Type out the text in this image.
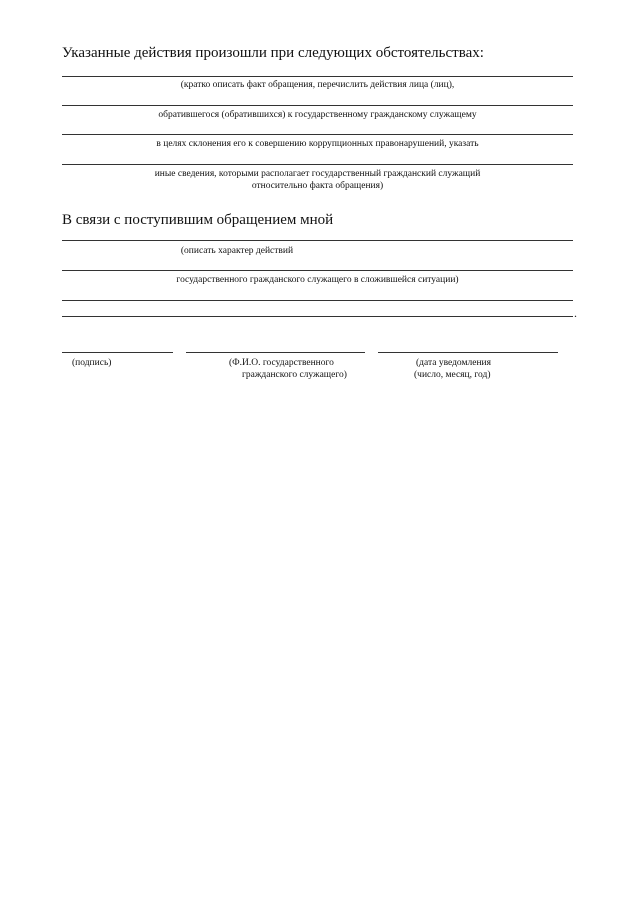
Указанные действия произошли при следующих обстоятельствах:
(кратко описать факт обращения, перечислить действия лица (лиц),
обратившегося (обратившихся) к государственному гражданскому служащему
в целях склонения его к совершению коррупционных правонарушений, указать
иные сведения, которыми располагает государственный гражданский служащий
относительно факта обращения)
В связи с поступившим обращением мной
(описать характер действий
государственного гражданского служащего в сложившейся ситуации)
.
(подпись)	(Ф.И.О. государственного
гражданского служащего)
(дата уведомления
(число, месяц, год)
